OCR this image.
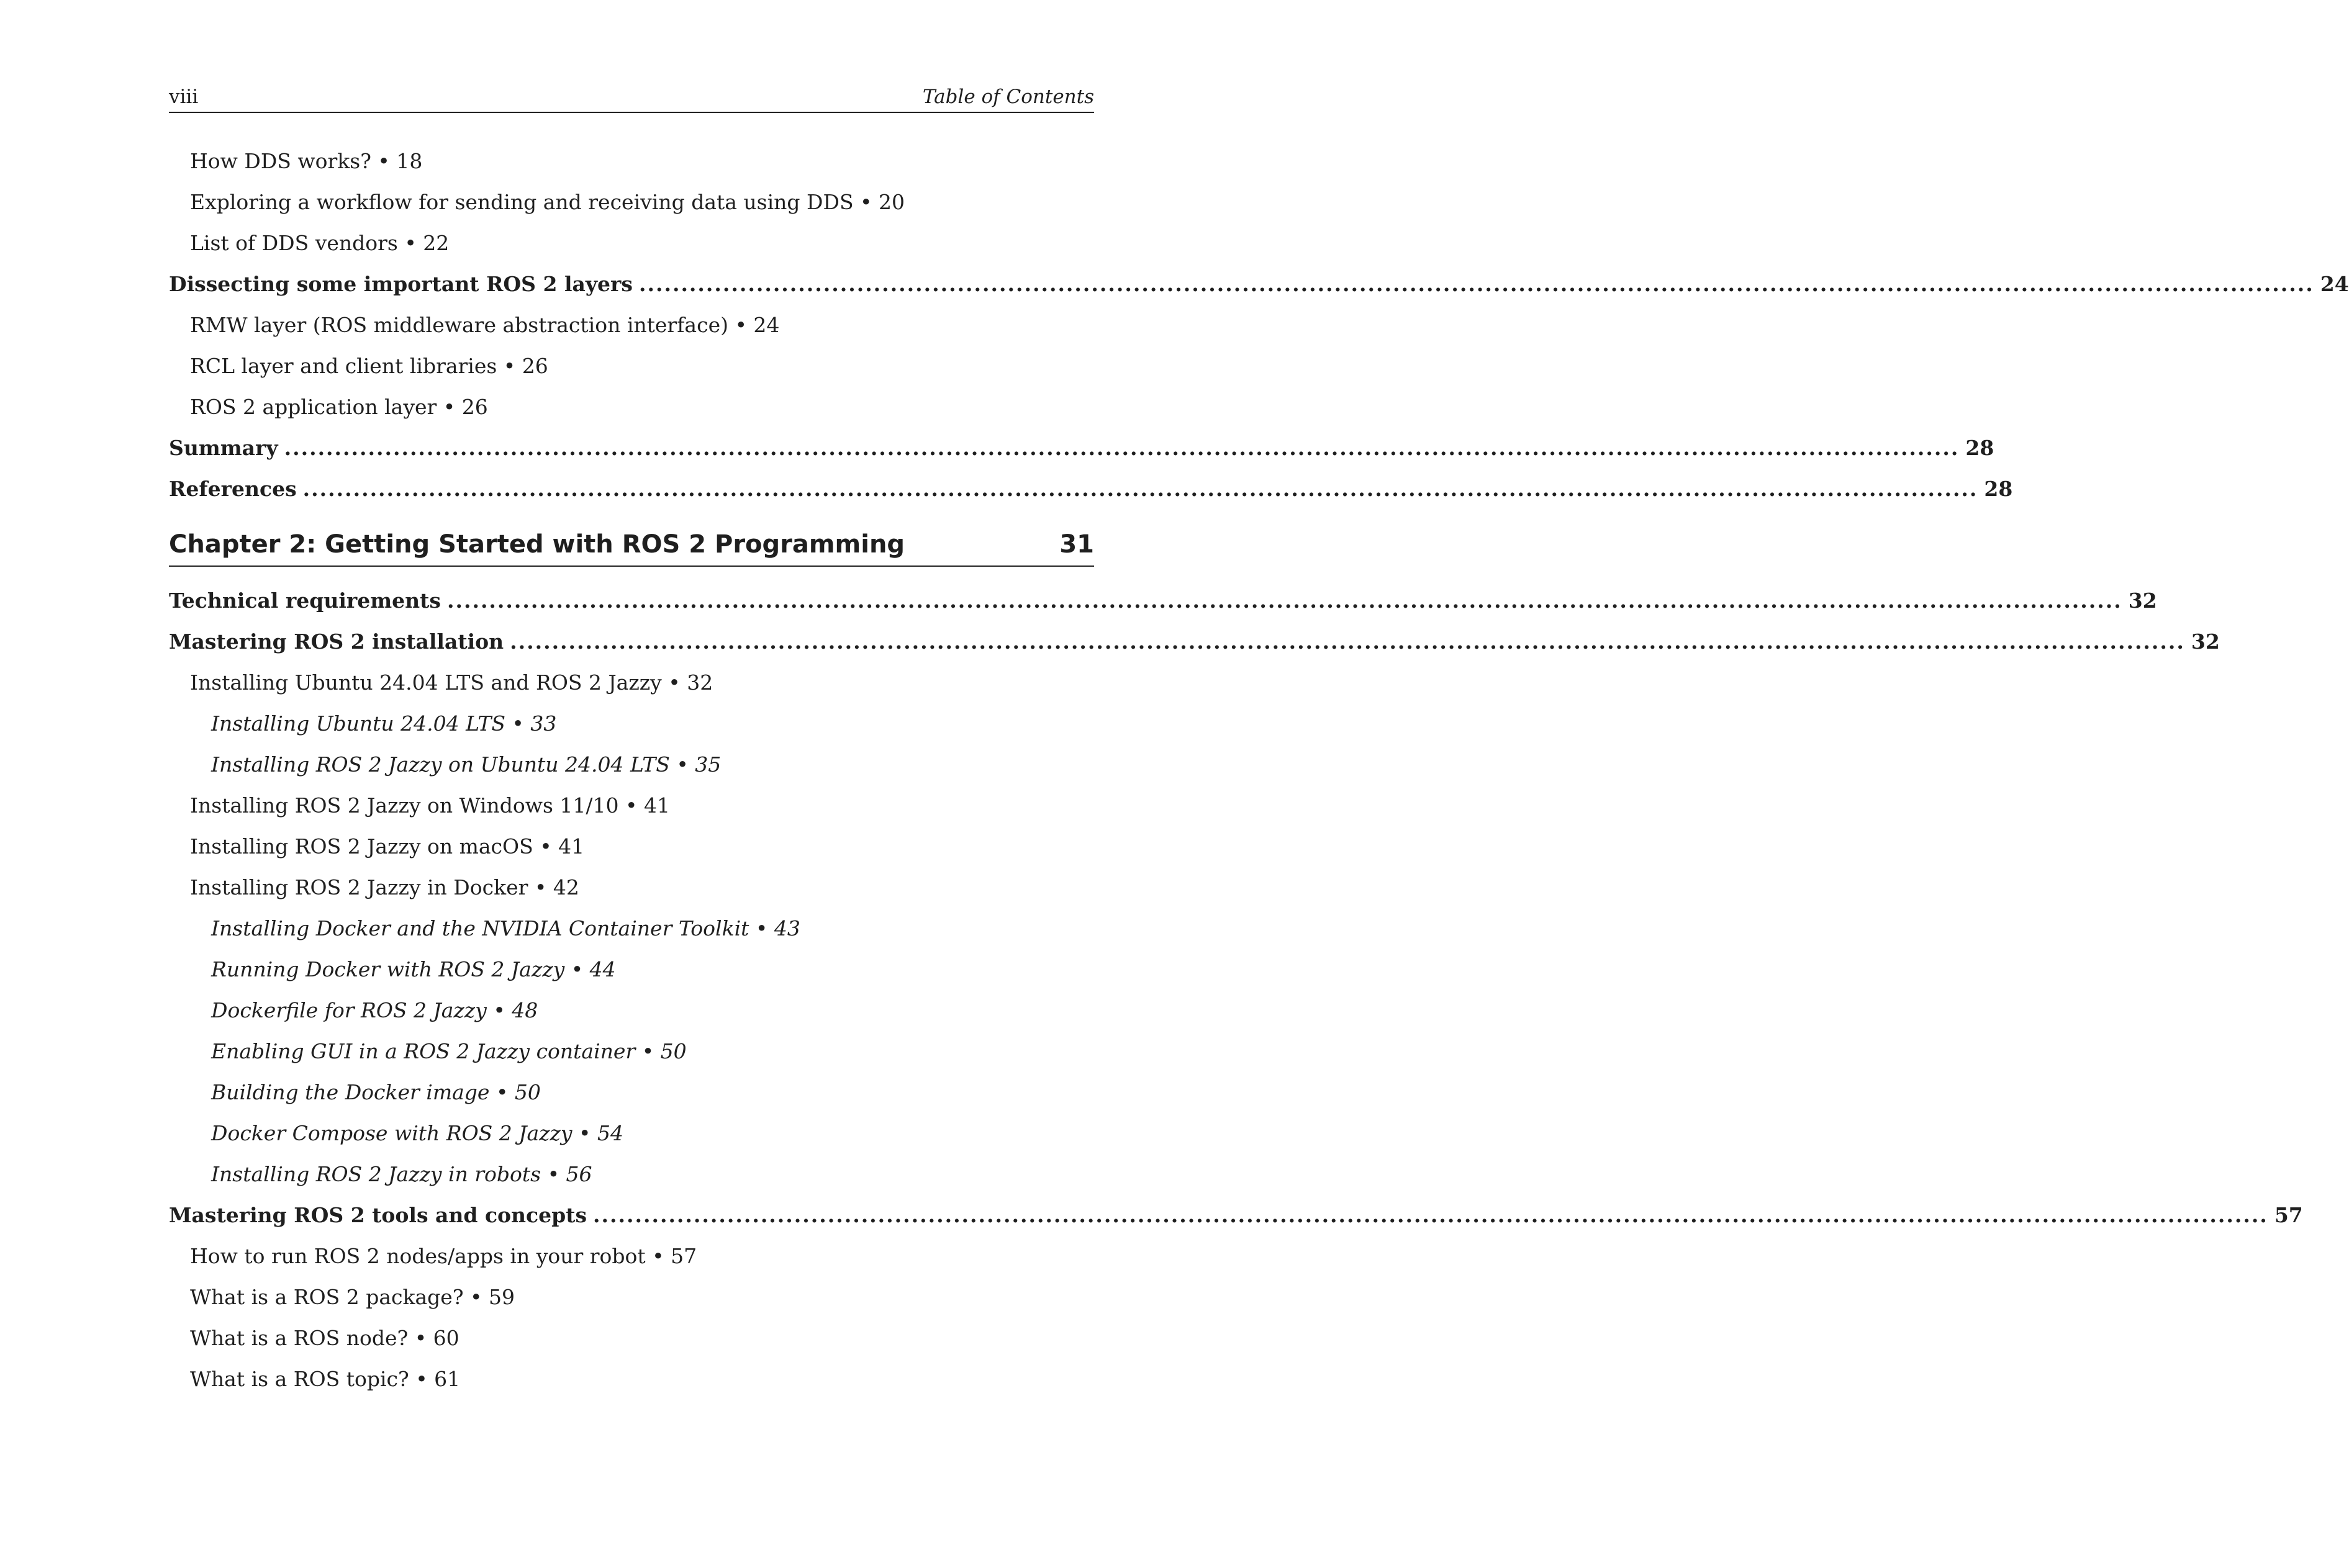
viii	Table of Contents
How DDS works? • 18
Exploring a workflow for sending and receiving data using DDS • 20
List of DDS vendors • 22
Dissecting some important ROS 2 layers ........................................................................................................................................................................................................ 24
RMW layer (ROS middleware abstraction interface) • 24
RCL layer and client libraries • 26
ROS 2 application layer • 26
Summary ........................................................................................................................................................................................................ 28
References ........................................................................................................................................................................................................ 28
Chapter 2: Getting Started with ROS 2 Programming	31
Technical requirements ........................................................................................................................................................................................................ 32
Mastering ROS 2 installation ........................................................................................................................................................................................................ 32
Installing Ubuntu 24.04 LTS and ROS 2 Jazzy • 32
Installing Ubuntu 24.04 LTS • 33
Installing ROS 2 Jazzy on Ubuntu 24.04 LTS • 35
Installing ROS 2 Jazzy on Windows 11/10 • 41
Installing ROS 2 Jazzy on macOS • 41
Installing ROS 2 Jazzy in Docker • 42
Installing Docker and the NVIDIA Container Toolkit • 43
Running Docker with ROS 2 Jazzy • 44
Dockerfile for ROS 2 Jazzy • 48
Enabling GUI in a ROS 2 Jazzy container • 50
Building the Docker image • 50
Docker Compose with ROS 2 Jazzy • 54
Installing ROS 2 Jazzy in robots • 56
Mastering ROS 2 tools and concepts ........................................................................................................................................................................................................ 57
How to run ROS 2 nodes/apps in your robot • 57
What is a ROS 2 package? • 59
What is a ROS node? • 60
What is a ROS topic? • 61
